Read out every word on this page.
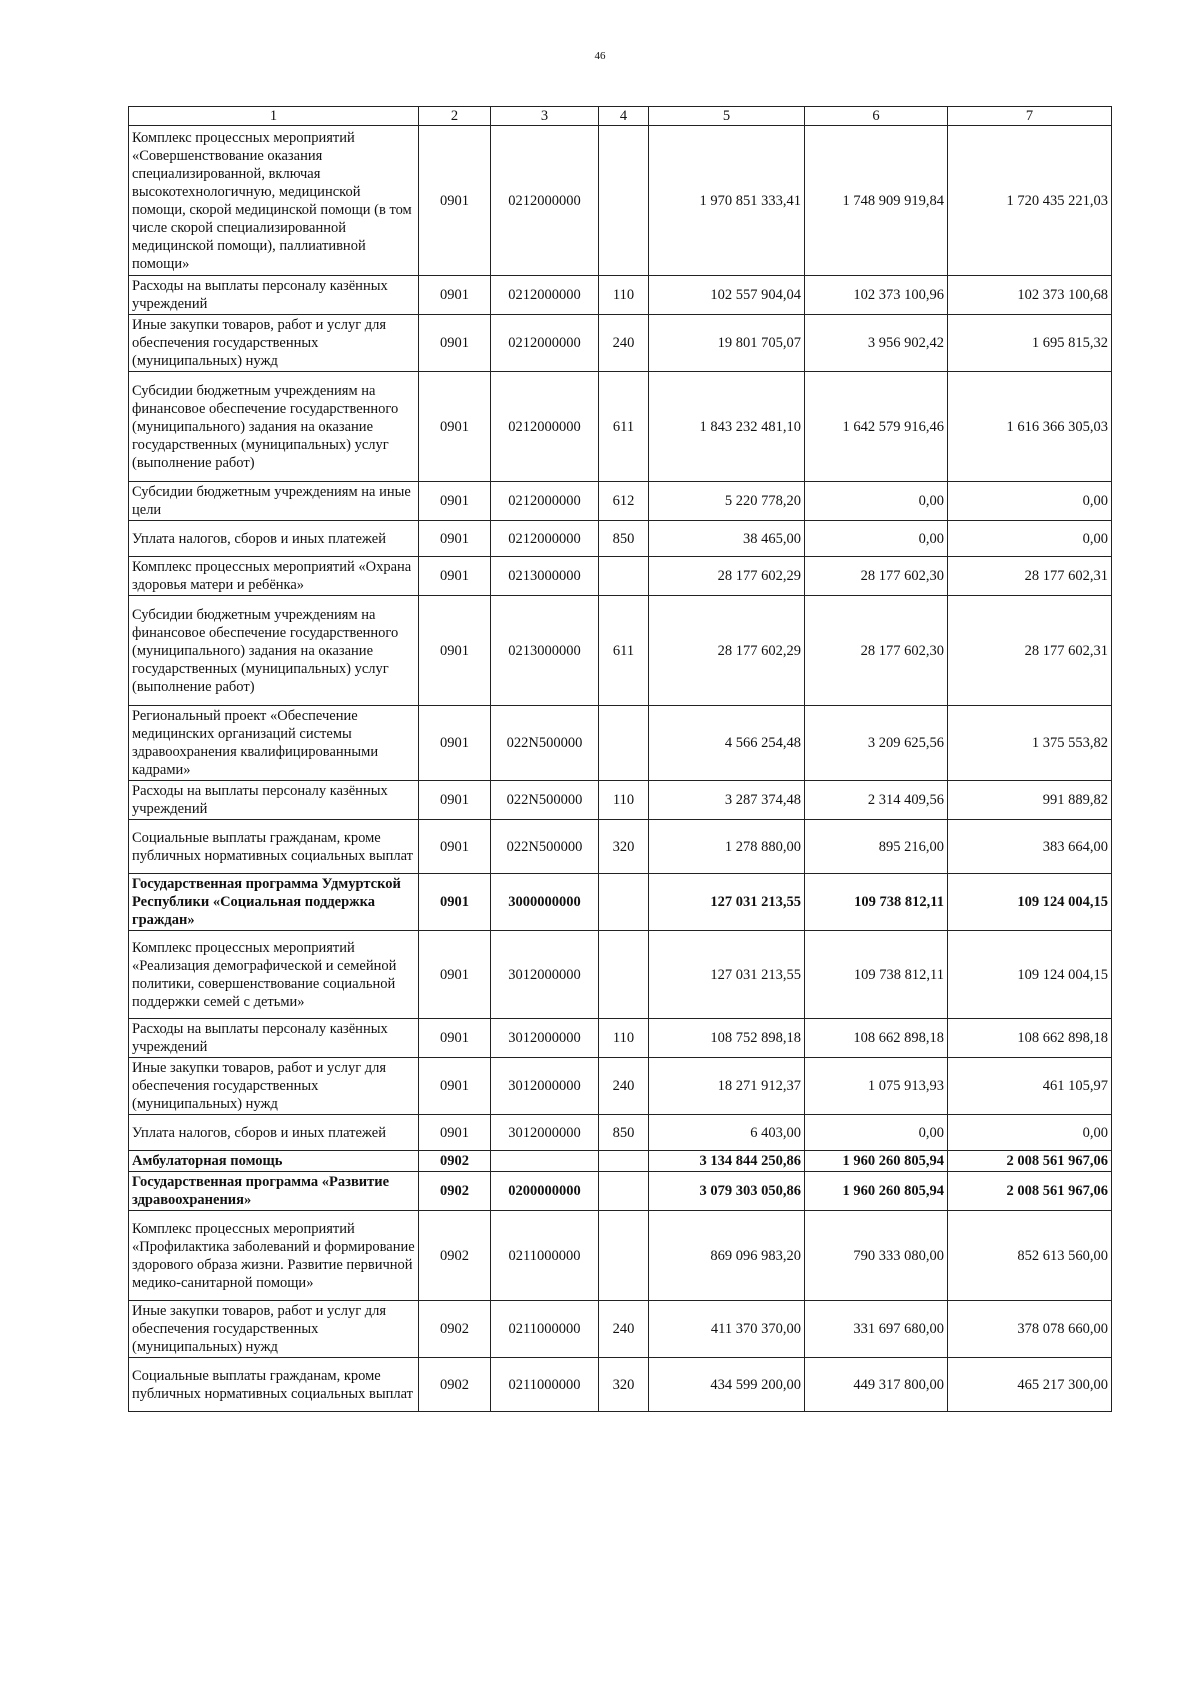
46
1	2	3	4	5	6	7
Комплекс процессных мероприятий «Совершенствование оказания специализированной, включая высокотехнологичную, медицинской помощи, скорой медицинской помощи (в том числе скорой специализированной медицинской помощи), паллиативной помощи»	0901	0212000000		1 970 851 333,41	1 748 909 919,84	1 720 435 221,03
Расходы на выплаты персоналу казённых учреждений	0901	0212000000	110	102 557 904,04	102 373 100,96	102 373 100,68
Иные закупки товаров, работ и услуг для обеспечения государственных (муниципальных) нужд	0901	0212000000	240	19 801 705,07	3 956 902,42	1 695 815,32
Субсидии бюджетным учреждениям на финансовое обеспечение государственного (муниципального) задания на оказание государственных (муниципальных) услуг (выполнение работ)	0901	0212000000	611	1 843 232 481,10	1 642 579 916,46	1 616 366 305,03
Субсидии бюджетным учреждениям на иные цели	0901	0212000000	612	5 220 778,20	0,00	0,00
Уплата налогов, сборов и иных платежей	0901	0212000000	850	38 465,00	0,00	0,00
Комплекс процессных мероприятий «Охрана здоровья матери и ребёнка»	0901	0213000000		28 177 602,29	28 177 602,30	28 177 602,31
Субсидии бюджетным учреждениям на финансовое обеспечение государственного (муниципального) задания на оказание государственных (муниципальных) услуг (выполнение работ)	0901	0213000000	611	28 177 602,29	28 177 602,30	28 177 602,31
Региональный проект «Обеспечение медицинских организаций системы здравоохранения квалифицированными кадрами»	0901	022N500000		4 566 254,48	3 209 625,56	1 375 553,82
Расходы на выплаты персоналу казённых учреждений	0901	022N500000	110	3 287 374,48	2 314 409,56	991 889,82
Социальные выплаты гражданам, кроме публичных нормативных социальных выплат	0901	022N500000	320	1 278 880,00	895 216,00	383 664,00
Государственная программа Удмуртской Республики «Социальная поддержка граждан»	0901	3000000000		127 031 213,55	109 738 812,11	109 124 004,15
Комплекс процессных мероприятий «Реализация демографической и семейной политики, совершенствование социальной поддержки семей с детьми»	0901	3012000000		127 031 213,55	109 738 812,11	109 124 004,15
Расходы на выплаты персоналу казённых учреждений	0901	3012000000	110	108 752 898,18	108 662 898,18	108 662 898,18
Иные закупки товаров, работ и услуг для обеспечения государственных (муниципальных) нужд	0901	3012000000	240	18 271 912,37	1 075 913,93	461 105,97
Уплата налогов, сборов и иных платежей	0901	3012000000	850	6 403,00	0,00	0,00
Амбулаторная помощь	0902			3 134 844 250,86	1 960 260 805,94	2 008 561 967,06
Государственная программа «Развитие здравоохранения»	0902	0200000000		3 079 303 050,86	1 960 260 805,94	2 008 561 967,06
Комплекс процессных мероприятий «Профилактика заболеваний и формирование здорового образа жизни. Развитие первичной медико-санитарной помощи»	0902	0211000000		869 096 983,20	790 333 080,00	852 613 560,00
Иные закупки товаров, работ и услуг для обеспечения государственных (муниципальных) нужд	0902	0211000000	240	411 370 370,00	331 697 680,00	378 078 660,00
Социальные выплаты гражданам, кроме публичных нормативных социальных выплат	0902	0211000000	320	434 599 200,00	449 317 800,00	465 217 300,00
